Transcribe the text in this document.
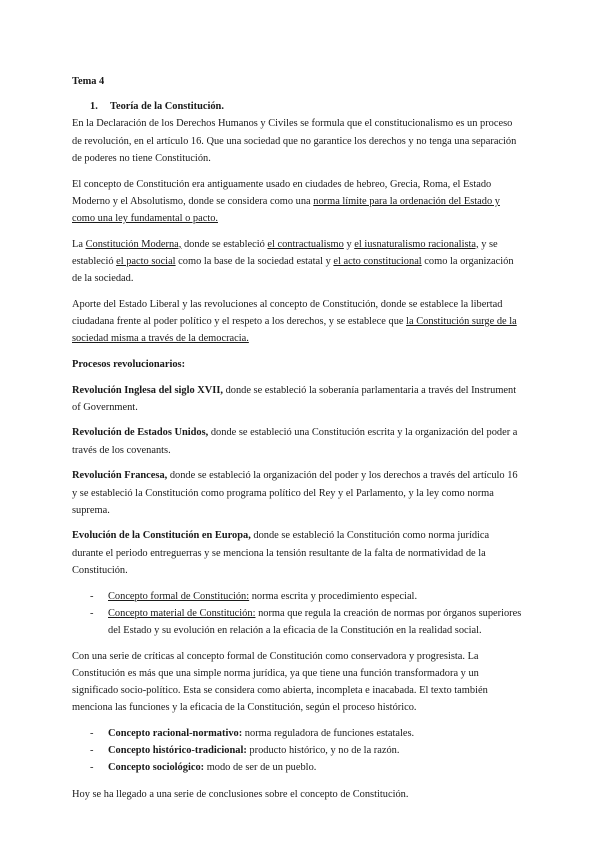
Tema 4

1. Teoría de la Constitución.

En la Declaración de los Derechos Humanos y Civiles se formula que el constitucionalismo es un proceso de revolución, en el artículo 16. Que una sociedad que no garantice los derechos y no tenga una separación de poderes no tiene Constitución.

El concepto de Constitución era antiguamente usado en ciudades de hebreo, Grecia, Roma, el Estado Moderno y el Absolutismo, donde se considera como una norma límite para la ordenación del Estado y como una ley fundamental o pacto.

La Constitución Moderna, donde se estableció el contractualismo y el iusnaturalismo racionalista, y se estableció el pacto social como la base de la sociedad estatal y el acto constitucional como la organización de la sociedad.

Aporte del Estado Liberal y las revoluciones al concepto de Constitución, donde se establece la libertad ciudadana frente al poder político y el respeto a los derechos, y se establece que la Constitución surge de la sociedad misma a través de la democracia.

Procesos revolucionarios:

Revolución Inglesa del siglo XVII, donde se estableció la soberanía parlamentaria a través del Instrument of Government.

Revolución de Estados Unidos, donde se estableció una Constitución escrita y la organización del poder a través de los covenants.

Revolución Francesa, donde se estableció la organización del poder y los derechos a través del artículo 16 y se estableció la Constitución como programa político del Rey y el Parlamento, y la ley como norma suprema.

Evolución de la Constitución en Europa, donde se estableció la Constitución como norma jurídica durante el periodo entreguerras y se menciona la tensión resultante de la falta de normatividad de la Constitución.

- Concepto formal de Constitución: norma escrita y procedimiento especial.
- Concepto material de Constitución: norma que regula la creación de normas por órganos superiores del Estado y su evolución en relación a la eficacia de la Constitución en la realidad social.

Con una serie de críticas al concepto formal de Constitución como conservadora y progresista. La Constitución es más que una simple norma jurídica, ya que tiene una función transformadora y un significado socio-político. Esta se considera como abierta, incompleta e inacabada. El texto también menciona las funciones y la eficacia de la Constitución, según el proceso histórico.

- Concepto racional-normativo: norma reguladora de funciones estatales.
- Concepto histórico-tradicional: producto histórico, y no de la razón.
- Concepto sociológico: modo de ser de un pueblo.

Hoy se ha llegado a una serie de conclusiones sobre el concepto de Constitución.
